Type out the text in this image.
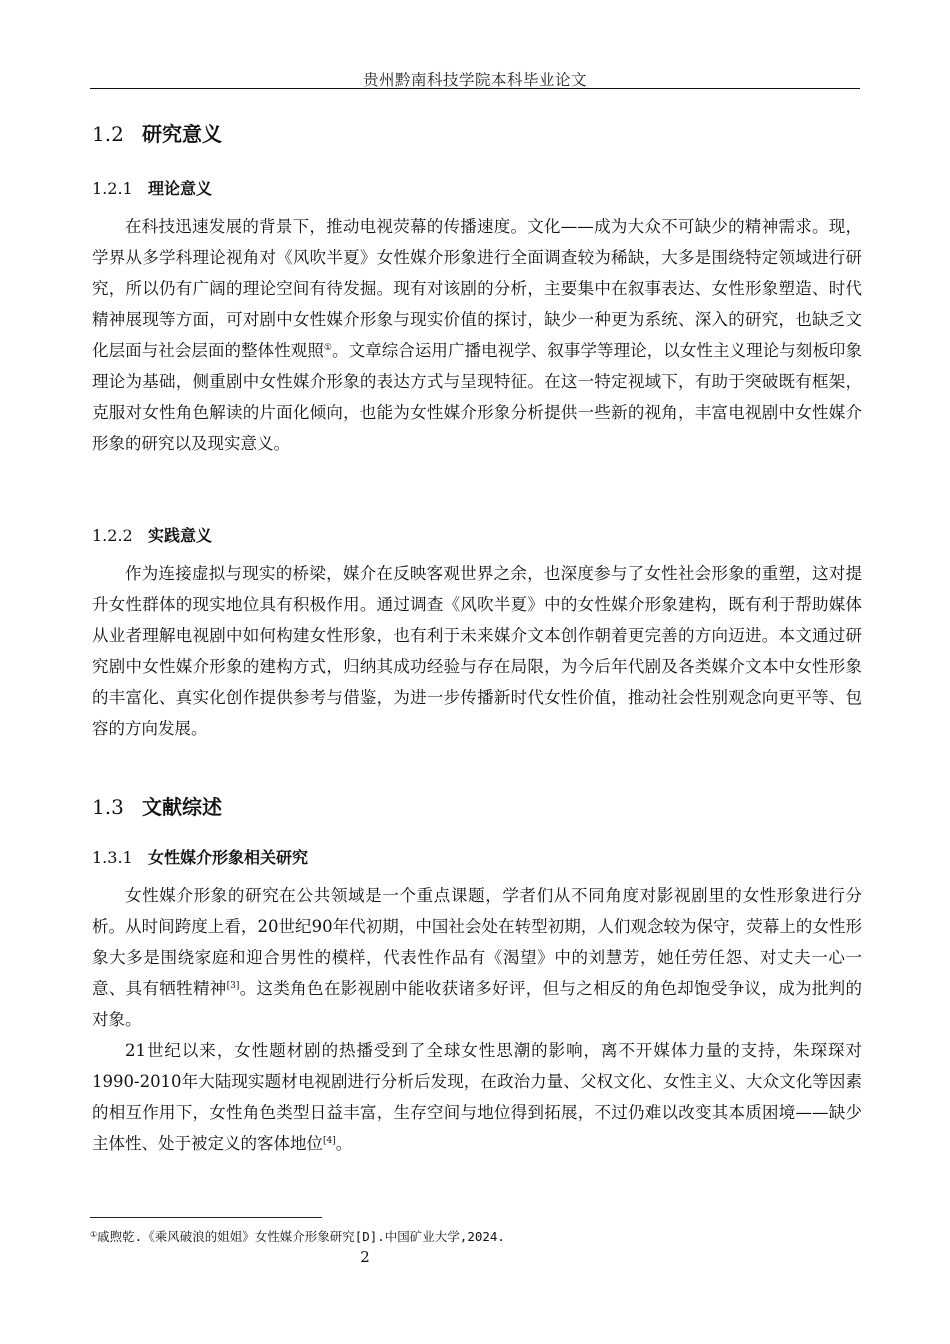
贵州黔南科技学院本科毕业论文
1.2 研究意义
1.2.1 理论意义

在科技迅速发展的背景下，推动电视荧幕的传播速度。文化——成为大众不可缺少的精神需求。现，学界从多学科理论视角对《风吹半夏》女性媒介形象进行全面调查较为稀缺，大多是围绕特定领域进行研究，所以仍有广阔的理论空间有待发掘。现有对该剧的分析，主要集中在叙事表达、女性形象塑造、时代精神展现等方面，可对剧中女性媒介形象与现实价值的探讨，缺少一种更为系统、深入的研究，也缺乏文化层面与社会层面的整体性观照①。文章综合运用广播电视学、叙事学等理论，以女性主义理论与刻板印象理论为基础，侧重剧中女性媒介形象的表达方式与呈现特征。在这一特定视域下，有助于突破既有框架，克服对女性角色解读的片面化倾向，也能为女性媒介形象分析提供一些新的视角，丰富电视剧中女性媒介形象的研究以及现实意义。

1.2.2 实践意义

作为连接虚拟与现实的桥梁，媒介在反映客观世界之余，也深度参与了女性社会形象的重塑，这对提升女性群体的现实地位具有积极作用。通过调查《风吹半夏》中的女性媒介形象建构，既有利于帮助媒体从业者理解电视剧中如何构建女性形象，也有利于未来媒介文本创作朝着更完善的方向迈进。本文通过研究剧中女性媒介形象的建构方式，归纳其成功经验与存在局限，为今后年代剧及各类媒介文本中女性形象的丰富化、真实化创作提供参考与借鉴，为进一步传播新时代女性价值，推动社会性别观念向更平等、包容的方向发展。

1.3 文献综述
1.3.1 女性媒介形象相关研究

女性媒介形象的研究在公共领域是一个重点课题，学者们从不同角度对影视剧里的女性形象进行分析。从时间跨度上看，20世纪90年代初期，中国社会处在转型初期，人们观念较为保守，荧幕上的女性形象大多是围绕家庭和迎合男性的模样，代表性作品有《渴望》中的刘慧芳，她任劳任怨、对丈夫一心一意、具有牺牲精神[3]。这类角色在影视剧中能收获诸多好评，但与之相反的角色却饱受争议，成为批判的对象。

21世纪以来，女性题材剧的热播受到了全球女性思潮的影响，离不开媒体力量的支持，朱琛琛对1990-2010年大陆现实题材电视剧进行分析后发现，在政治力量、父权文化、女性主义、大众文化等因素的相互作用下，女性角色类型日益丰富，生存空间与地位得到拓展，不过仍难以改变其本质困境——缺少主体性、处于被定义的客体地位[4]。

①戚煦乾.《乘风破浪的姐姐》女性媒介形象研究[D].中国矿业大学,2024.
2
